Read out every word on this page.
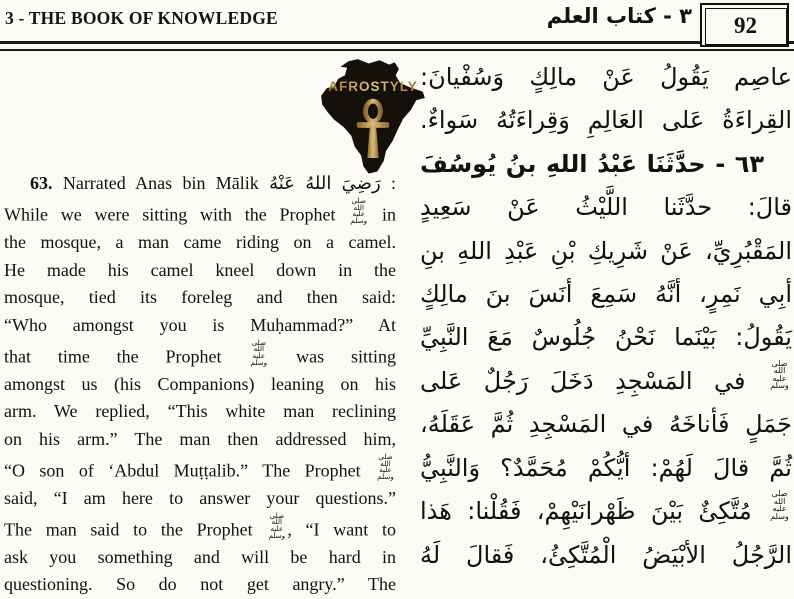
3 - THE BOOK OF KNOWLEDGE	٣ - كتاب العلم	92
AFROSTYLY
63. Narrated Anas bin Mālik رَضِيَ اللهُ عَنْهُ :
While we were sitting with the Prophet صلى الله عليه وسلم in
the mosque, a man came riding on a camel.
He made his camel kneel down in the
mosque, tied its foreleg and then said:
“Who amongst you is Muḥammad?” At
that time the Prophet صلى الله عليه وسلم was sitting
amongst us (his Companions) leaning on his
arm. We replied, “This white man reclining
on his arm.” The man then addressed him,
“O son of ‘Abdul Muṭṭalib.” The Prophet صلى الله عليه وسلم
said, “I am here to answer your questions.”
The man said to the Prophet صلى الله عليه وسلم , “I want to
ask you something and will be hard in
questioning. So do not get angry.” The
عاصِم يَقُولُ عَنْ مالِكٍ وَسُفْيانَ:
القِراءَةُ عَلى العَالِمِ وَقِراءَتُهُ سَواءٌ.
٦٣ - حدَّثَنَا عَبْدُ اللهِ بنُ يُوسُفَ
قالَ: حدَّثَنا اللَّيْثُ عَنْ سَعِيدٍ
المَقْبُرِيِّ، عَنْ شَرِيكِ بْنِ عَبْدِ اللهِ بنِ
أبِي نَمِرٍ، أنَّهُ سَمِعَ أنَسَ بنَ مالِكٍ
يَقُولُ: بَيْنَما نَحْنُ جُلُوسٌ مَعَ النَّبِيِّ
صلى الله عليه وسلم في المَسْجِدِ دَخَلَ رَجُلٌ عَلى
جَمَلٍ فَأناخَهُ في المَسْجِدِ ثُمَّ عَقَلَهُ،
ثُمَّ قالَ لَهُمْ: أيُّكُمْ مُحَمَّدٌ؟ وَالنَّبِيُّ
صلى الله عليه وسلم مُتَّكِئٌ بَيْنَ ظَهْرانَيْهِمْ، فَقُلْنا: هَذا
الرَّجُلُ الأبْيَضُ الْمُتَّكِئُ، فَقالَ لَهُ
